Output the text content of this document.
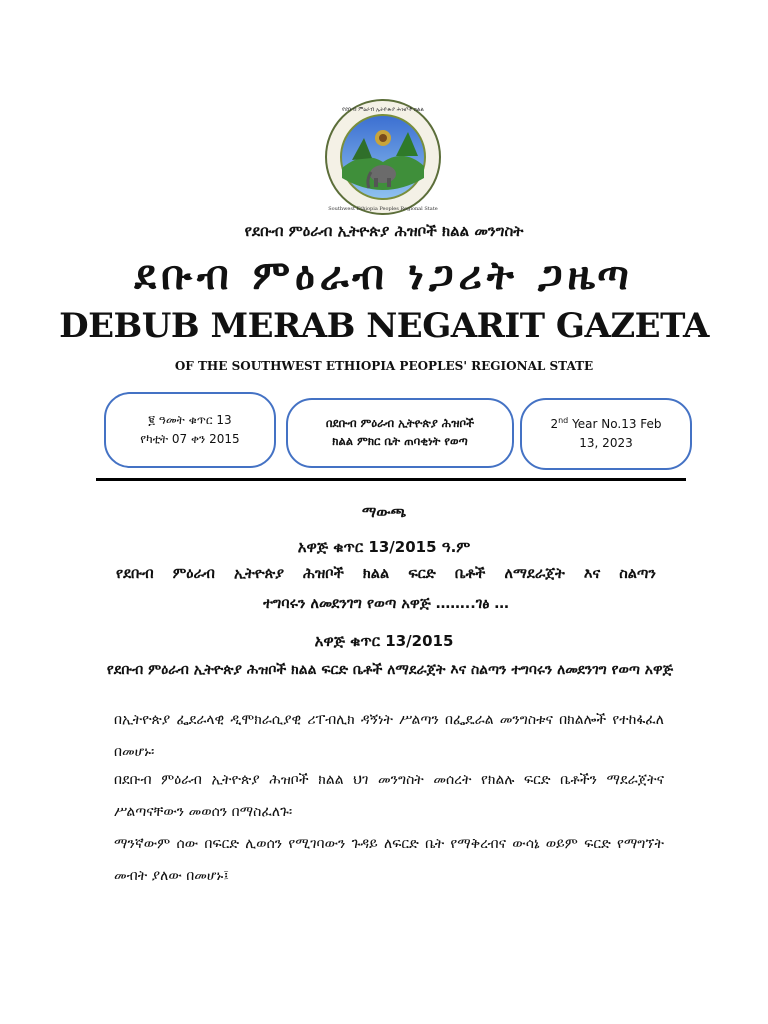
የደቡብ ምዕራብ ኢትዮጵያ ሕዝቦች ክልል
Southwest Ethiopia Peoples Regional State
የደቡብ ምዕራብ ኢትዮጵያ ሕዝቦች ክልል መንግስት
ደቡብ ምዕራብ ነጋሪት ጋዜጣ
DEBUB MERAB NEGARIT GAZETA
OF THE SOUTHWEST ETHIOPIA PEOPLES' REGIONAL STATE
፪ ዓመት ቁጥር 13
የካቲት 07 ቀን 2015
በደቡብ ምዕራብ ኢትዮጵያ ሕዝቦች
ክልል ምክር ቤት ጠባቂነት የወጣ
2nd Year No.13 Feb
13, 2023
ማውጫ
አዋጅ ቁጥር 13/2015 ዓ.ም
የደቡብ ምዕራብ ኢትዮጵያ ሕዝቦች ክልል ፍርድ ቤቶች ለማደራጀት እና ስልጣን
ተግባሩን ለመደንገግ የወጣ አዋጅ ……..ገፅ …
አዋጅ ቁጥር 13/2015
የደቡብ ምዕራብ ኢትዮጵያ ሕዝቦች ክልል ፍርድ ቤቶች ለማደራጀት እና ስልጣን ተግባሩን ለመደንገግ የወጣ አዋጅ
በኢትዮጵያ ፌደራላዊ ዲሞክራሲያዊ ሪፐብሊክ ዳኝነት ሥልጣን በፌዴራል መንግስቱና በክልሎች የተከፋፈለ በመሆኑ፡
በደቡብ ምዕራብ ኢትዮጵያ ሕዝቦች ክልል ህገ መንግስት መሰረት የክልሉ ፍርድ ቤቶችን ማደራጀትና ሥልጣናቸውን መወሰን በማስፈለጉ፡
ማንኛውም ሰው በፍርድ ሊወሰን የሚገባውን ጉዳይ ለፍርድ ቤት የማቅረብና ውሳኔ ወይም ፍርድ የማግኘት መብት ያለው በመሆኑ፤
